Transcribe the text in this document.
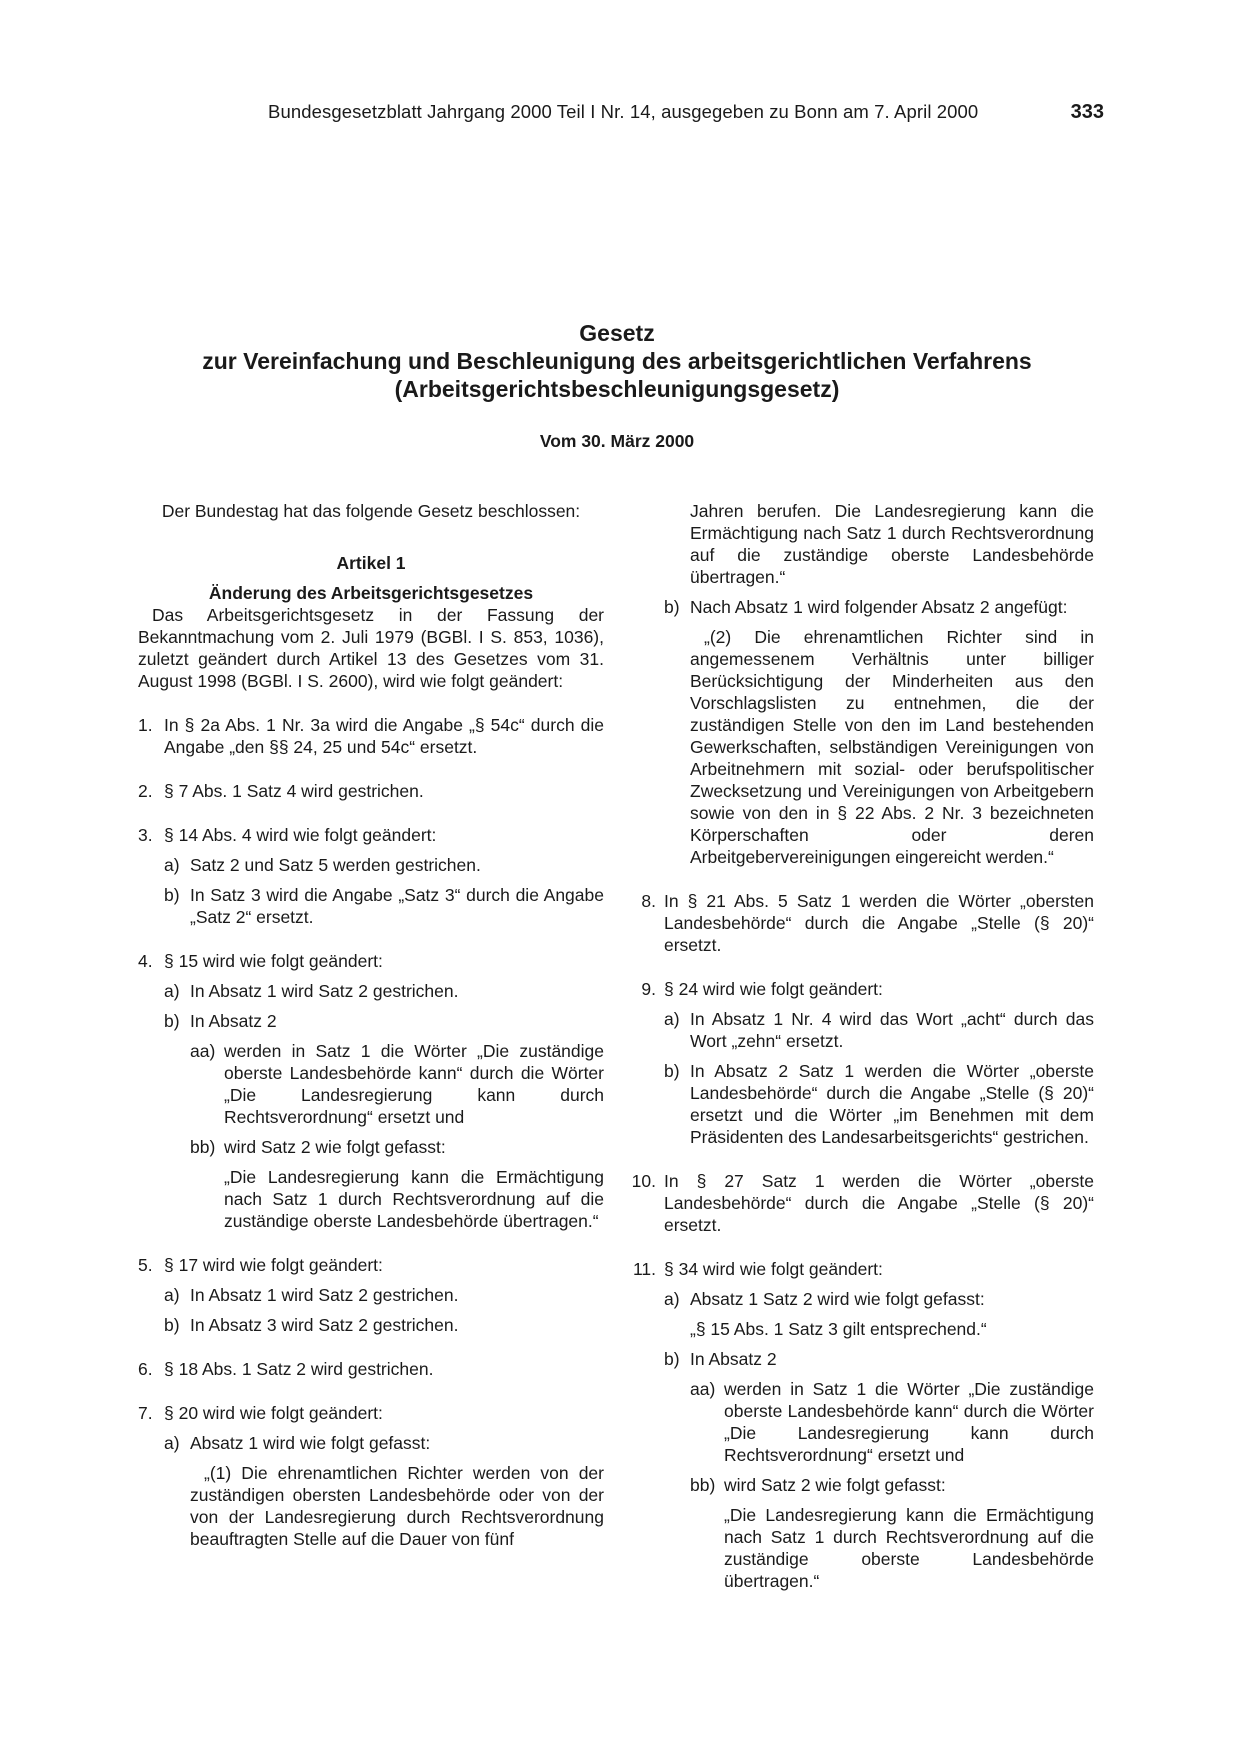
Bundesgesetzblatt Jahrgang 2000 Teil I Nr. 14, ausgegeben zu Bonn am 7. April 2000	333
Gesetz
zur Vereinfachung und Beschleunigung des arbeitsgerichtlichen Verfahrens
(Arbeitsgerichtsbeschleunigungsgesetz)
Vom 30. März 2000

Der Bundestag hat das folgende Gesetz beschlossen:

Artikel 1

Änderung des Arbeitsgerichtsgesetzes

Das Arbeitsgerichtsgesetz in der Fassung der Bekanntmachung vom 2. Juli 1979 (BGBl. I S. 853, 1036), zuletzt geändert durch Artikel 13 des Gesetzes vom 31. August 1998 (BGBl. I S. 2600), wird wie folgt geändert:

1. In § 2a Abs. 1 Nr. 3a wird die Angabe „§ 54c“ durch die Angabe „den §§ 24, 25 und 54c“ ersetzt.
2. § 7 Abs. 1 Satz 4 wird gestrichen.
3. § 14 Abs. 4 wird wie folgt geändert:
a) Satz 2 und Satz 5 werden gestrichen.
b) In Satz 3 wird die Angabe „Satz 3“ durch die Angabe „Satz 2“ ersetzt.
4. § 15 wird wie folgt geändert:
a) In Absatz 1 wird Satz 2 gestrichen.
b) In Absatz 2
aa) werden in Satz 1 die Wörter „Die zuständige oberste Landesbehörde kann“ durch die Wörter „Die Landesregierung kann durch Rechtsverordnung“ ersetzt und
bb) wird Satz 2 wie folgt gefasst:

„Die Landesregierung kann die Ermächtigung nach Satz 1 durch Rechtsverordnung auf die zuständige oberste Landesbehörde übertragen.“

5. § 17 wird wie folgt geändert:
a) In Absatz 1 wird Satz 2 gestrichen.
b) In Absatz 3 wird Satz 2 gestrichen.
6. § 18 Abs. 1 Satz 2 wird gestrichen.
7. § 20 wird wie folgt geändert:
a) Absatz 1 wird wie folgt gefasst:

„(1) Die ehrenamtlichen Richter werden von der zuständigen obersten Landesbehörde oder von der von der Landesregierung durch Rechtsverordnung beauftragten Stelle auf die Dauer von fünf

Jahren berufen. Die Landesregierung kann die Ermächtigung nach Satz 1 durch Rechtsverordnung auf die zuständige oberste Landesbehörde übertragen.“

b) Nach Absatz 1 wird folgender Absatz 2 angefügt:

„(2) Die ehrenamtlichen Richter sind in angemessenem Verhältnis unter billiger Berücksichtigung der Minderheiten aus den Vorschlagslisten zu entnehmen, die der zuständigen Stelle von den im Land bestehenden Gewerkschaften, selbständigen Vereinigungen von Arbeitnehmern mit sozial- oder berufspolitischer Zwecksetzung und Vereinigungen von Arbeitgebern sowie von den in § 22 Abs. 2 Nr. 3 bezeichneten Körperschaften oder deren Arbeitgebervereinigungen eingereicht werden.“

8. In § 21 Abs. 5 Satz 1 werden die Wörter „obersten Landesbehörde“ durch die Angabe „Stelle (§ 20)“ ersetzt.
9. § 24 wird wie folgt geändert:
a) In Absatz 1 Nr. 4 wird das Wort „acht“ durch das Wort „zehn“ ersetzt.
b) In Absatz 2 Satz 1 werden die Wörter „oberste Landesbehörde“ durch die Angabe „Stelle (§ 20)“ ersetzt und die Wörter „im Benehmen mit dem Präsidenten des Landesarbeitsgerichts“ gestrichen.
10. In § 27 Satz 1 werden die Wörter „oberste Landesbehörde“ durch die Angabe „Stelle (§ 20)“ ersetzt.
11. § 34 wird wie folgt geändert:
a) Absatz 1 Satz 2 wird wie folgt gefasst:

„§ 15 Abs. 1 Satz 3 gilt entsprechend.“

b) In Absatz 2
aa) werden in Satz 1 die Wörter „Die zuständige oberste Landesbehörde kann“ durch die Wörter „Die Landesregierung kann durch Rechtsverordnung“ ersetzt und
bb) wird Satz 2 wie folgt gefasst:

„Die Landesregierung kann die Ermächtigung nach Satz 1 durch Rechtsverordnung auf die zuständige oberste Landesbehörde übertragen.“
